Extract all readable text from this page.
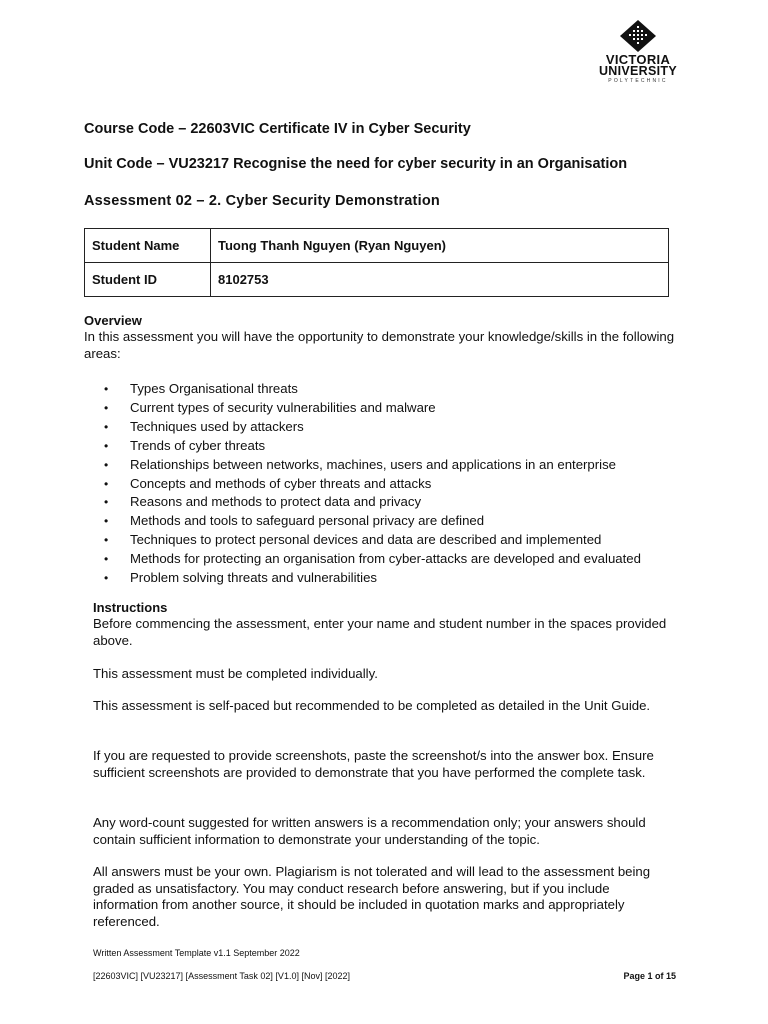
VICTORIA
UNIVERSITY
POLYTECHNIC
Course Code – 22603VIC Certificate IV in Cyber Security
Unit Code – VU23217 Recognise the need for cyber security in an Organisation
Assessment 02 – 2. Cyber Security Demonstration
Student Name	Tuong Thanh Nguyen (Ryan Nguyen)
Student ID	8102753
Overview
In this assessment you will have the opportunity to demonstrate your knowledge/skills in the following areas:
• Types Organisational threats
• Current types of security vulnerabilities and malware
• Techniques used by attackers
• Trends of cyber threats
• Relationships between networks, machines, users and applications in an enterprise
• Concepts and methods of cyber threats and attacks
• Reasons and methods to protect data and privacy
• Methods and tools to safeguard personal privacy are defined
• Techniques to protect personal devices and data are described and implemented
• Methods for protecting an organisation from cyber-attacks are developed and evaluated
• Problem solving threats and vulnerabilities
Instructions
Before commencing the assessment, enter your name and student number in the spaces provided above.
This assessment must be completed individually.
This assessment is self-paced but recommended to be completed as detailed in the Unit Guide.
If you are requested to provide screenshots, paste the screenshot/s into the answer box. Ensure sufficient screenshots are provided to demonstrate that you have performed the complete task.
Any word-count suggested for written answers is a recommendation only; your answers should contain sufficient information to demonstrate your understanding of the topic.
All answers must be your own. Plagiarism is not tolerated and will lead to the assessment being graded as unsatisfactory. You may conduct research before answering, but if you include information from another source, it should be included in quotation marks and appropriately referenced.
Written Assessment Template v1.1 September 2022
[22603VIC] [VU23217] [Assessment Task 02] [V1.0] [Nov] [2022]	Page 1 of 15
